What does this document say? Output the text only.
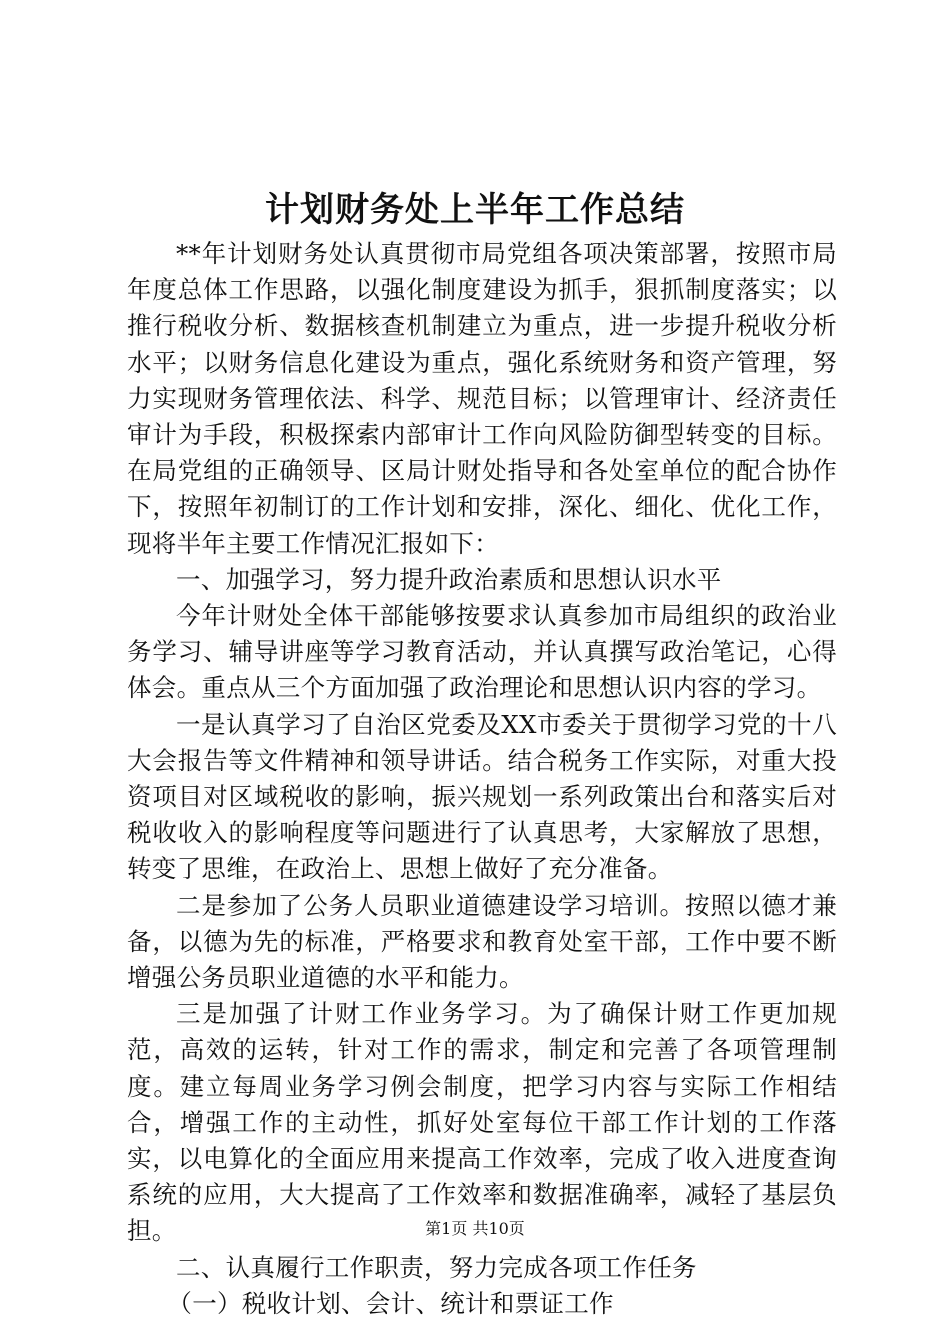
计划财务处上半年工作总结

**年计划财务处认真贯彻市局党组各项决策部署，按照市局年度总体工作思路，以强化制度建设为抓手，狠抓制度落实；以推行税收分析、数据核查机制建立为重点，进一步提升税收分析水平；以财务信息化建设为重点，强化系统财务和资产管理，努力实现财务管理依法、科学、规范目标；以管理审计、经济责任审计为手段，积极探索内部审计工作向风险防御型转变的目标。在局党组的正确领导、区局计财处指导和各处室单位的配合协作下，按照年初制订的工作计划和安排，深化、细化、优化工作，现将半年主要工作情况汇报如下：

一、加强学习，努力提升政治素质和思想认识水平

今年计财处全体干部能够按要求认真参加市局组织的政治业务学习、辅导讲座等学习教育活动，并认真撰写政治笔记，心得体会。重点从三个方面加强了政治理论和思想认识内容的学习。

一是认真学习了自治区党委及XX市委关于贯彻学习党的十八大会报告等文件精神和领导讲话。结合税务工作实际，对重大投资项目对区域税收的影响，振兴规划一系列政策出台和落实后对税收收入的影响程度等问题进行了认真思考，大家解放了思想，转变了思维，在政治上、思想上做好了充分准备。

二是参加了公务人员职业道德建设学习培训。按照以德才兼备，以德为先的标准，严格要求和教育处室干部，工作中要不断增强公务员职业道德的水平和能力。

三是加强了计财工作业务学习。为了确保计财工作更加规范，高效的运转，针对工作的需求，制定和完善了各项管理制度。建立每周业务学习例会制度，把学习内容与实际工作相结合，增强工作的主动性，抓好处室每位干部工作计划的工作落实，以电算化的全面应用来提高工作效率，完成了收入进度查询系统的应用，大大提高了工作效率和数据准确率，减轻了基层负担。

二、认真履行工作职责，努力完成各项工作任务

（一）税收计划、会计、统计和票证工作

第1页 共10页
